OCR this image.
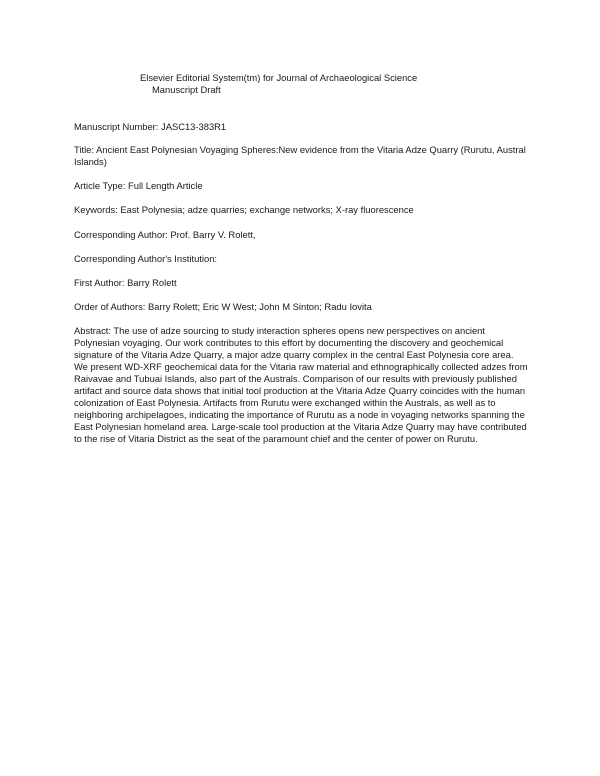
Elsevier Editorial System(tm) for Journal of Archaeological Science
Manuscript Draft
Manuscript Number: JASC13-383R1
Title: Ancient East Polynesian Voyaging Spheres:New evidence from the Vitaria Adze Quarry (Rurutu, Austral Islands)
Article Type: Full Length Article
Keywords: East Polynesia; adze quarries; exchange networks; X-ray fluorescence
Corresponding Author: Prof. Barry V. Rolett,
Corresponding Author's Institution:
First Author: Barry Rolett
Order of Authors: Barry Rolett; Eric W West; John M Sinton; Radu Iovita
Abstract: The use of adze sourcing to study interaction spheres opens new perspectives on ancient Polynesian voyaging. Our work contributes to this effort by documenting the discovery and geochemical signature of the Vitaria Adze Quarry, a major adze quarry complex in the central East Polynesia core area. We present WD-XRF geochemical data for the Vitaria raw material and ethnographically collected adzes from Raivavae and Tubuai Islands, also part of the Australs. Comparison of our results with previously published artifact and source data shows that initial tool production at the Vitaria Adze Quarry coincides with the human colonization of East Polynesia. Artifacts from Rurutu were exchanged within the Australs, as well as to neighboring archipelagoes, indicating the importance of Rurutu as a node in voyaging networks spanning the East Polynesian homeland area. Large-scale tool production at the Vitaria Adze Quarry may have contributed to the rise of Vitaria District as the seat of the paramount chief and the center of power on Rurutu.
